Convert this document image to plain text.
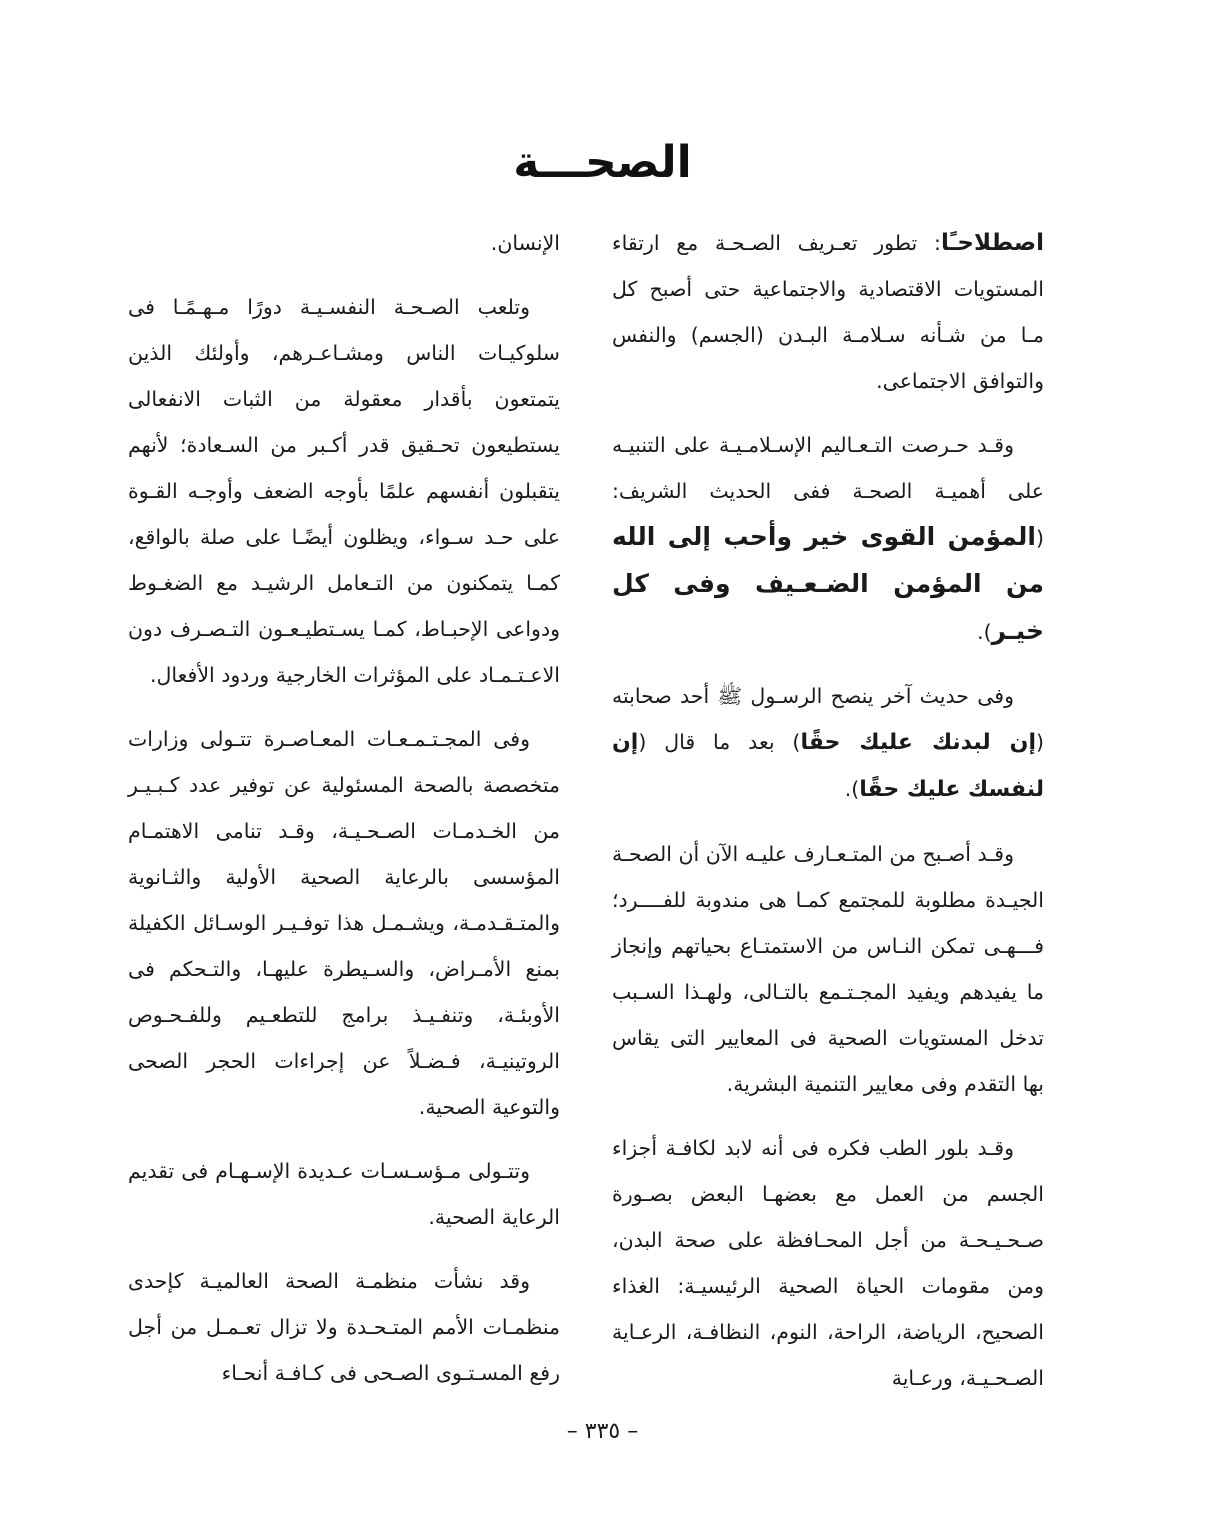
الصحـــة

اصطلاحـًا: تطور تعـريف الصـحـة مع ارتقاء المستويات الاقتصادية والاجتماعية حتى أصبح كل مـا من شـأنه سـلامـة البـدن (الجسم) والنفس والتوافق الاجتماعى.

وقـد حـرصت التـعـاليم الإسـلامـيـة على التنبيـه على أهميـة الصحـة ففى الحديث الشريف: (المؤمن القوى خير وأحب إلى الله من المؤمن الضـعـيف وفى كل خيـر).

وفى حديث آخر ينصح الرسـول ﷺ أحد صحابته (إن لبدنك عليك حقًا) بعد ما قال (إن لنفسك عليك حقًا).

وقـد أصـبح من المتـعـارف عليـه الآن أن الصحـة الجيـدة مطلوبة للمجتمع كمـا هى مندوبة للفــــرد؛ فـــهـى تمكن النـاس من الاستمتـاع بحياتهم وإنجاز ما يفيدهم ويفيد المجـتـمع بالتـالى، ولهـذا السـبب تدخل المستويات الصحية فى المعايير التى يقاس بها التقدم وفى معايير التنمية البشرية.

وقـد بلور الطب فكره فى أنه لابد لكافـة أجزاء الجسم من العمل مع بعضهـا البعض بصـورة صـحـيـحـة من أجل المحـافظة على صحة البدن، ومن مقومات الحياة الصحية الرئيسيـة: الغذاء الصحيح، الرياضة، الراحة، النوم، النظافـة، الرعـاية الصـحـيـة، ورعـاية

الإنسان.

وتلعب الصـحـة النفسـيـة دورًا مـهـمًـا فى سلوكيـات الناس ومشـاعـرهم، وأولئك الذين يتمتعون بأقدار معقولة من الثبات الانفعالى يستطيعون تحـقيق قدر أكـبر من السـعادة؛ لأنهم يتقبلون أنفسهم علمًا بأوجه الضعف وأوجـه القـوة على حـد سـواء، ويظلون أيضًـا على صلة بالواقع، كمـا يتمكنون من التـعامل الرشيـد مع الضغـوط ودواعى الإحبـاط، كمـا يسـتطيـعـون التـصـرف دون الاعـتـمـاد على المؤثرات الخارجية وردود الأفعال.

وفى المجـتـمـعـات المعـاصـرة تتـولى وزارات متخصصة بالصحة المسئولية عن توفير عدد كـبـيـر من الخـدمـات الصـحـيـة، وقـد تنامى الاهتمـام المؤسسى بالرعاية الصحية الأولية والثـانوية والمتـقـدمـة، ويشـمـل هذا توفـيـر الوسـائل الكفيلة بمنع الأمـراض، والسـيطرة عليهـا، والتـحكم فى الأوبئـة، وتنفـيـذ برامج للتطعـيم وللفـحـوص الروتينيـة، فـضـلاً عن إجراءات الحجر الصحى والتوعية الصحية.

وتتـولى مـؤسـسـات عـديدة الإسـهـام فى تقديم الرعاية الصحية.

وقد نشأت منظمـة الصحة العالميـة كإحدى منظمـات الأمم المتـحـدة ولا تزال تعـمـل من أجل رفع المسـتـوى الصـحى فى كـافـة أنحـاء

– ٣٣٥ –
